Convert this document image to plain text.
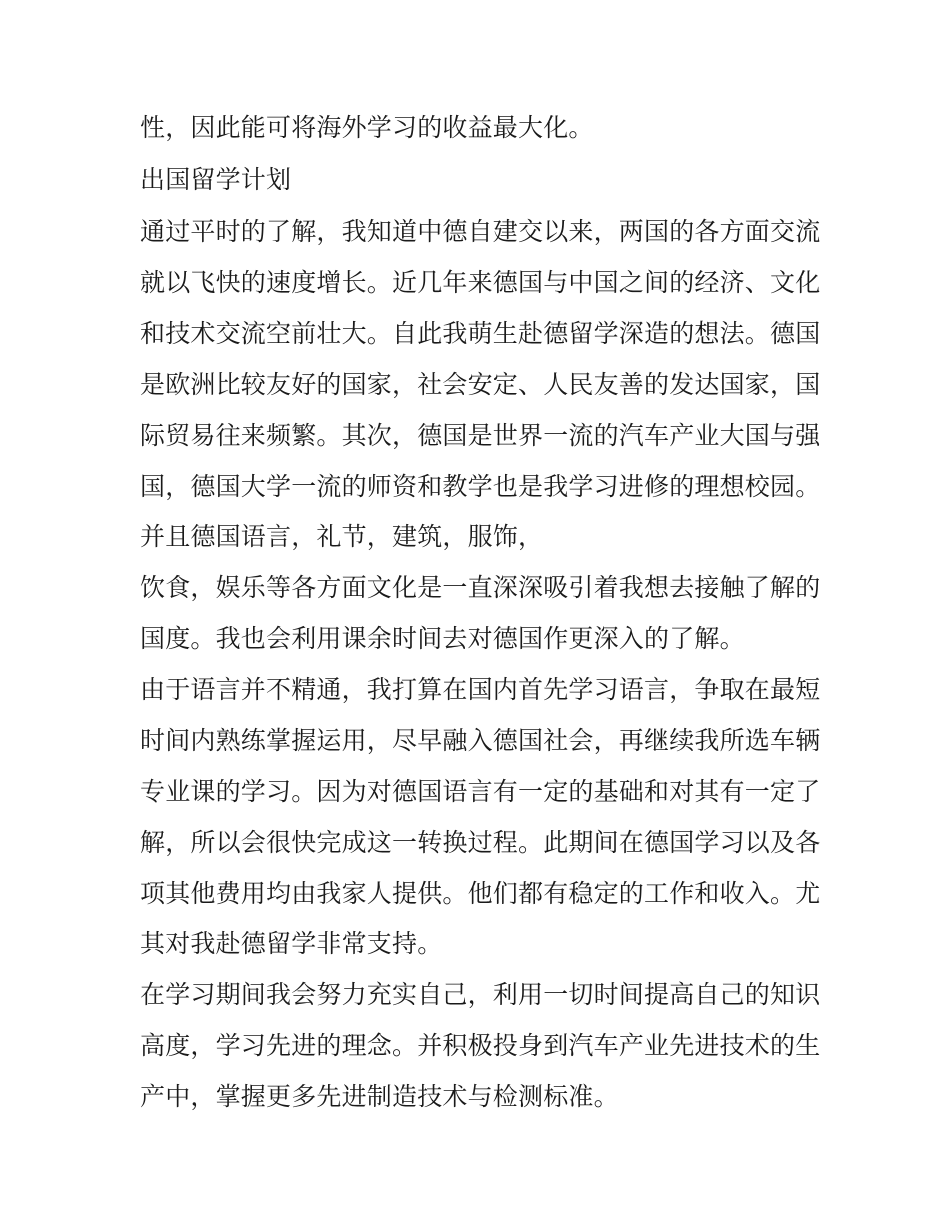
性，因此能可将海外学习的收益最大化。
出国留学计划
通过平时的了解，我知道中德自建交以来，两国的各方面交流
就以飞快的速度增长。近几年来德国与中国之间的经济、文化
和技术交流空前壮大。自此我萌生赴德留学深造的想法。德国
是欧洲比较友好的国家，社会安定、人民友善的发达国家，国
际贸易往来频繁。其次，德国是世界一流的汽车产业大国与强
国，德国大学一流的师资和教学也是我学习进修的理想校园。
并且德国语言，礼节，建筑，服饰，
饮食，娱乐等各方面文化是一直深深吸引着我想去接触了解的
国度。我也会利用课余时间去对德国作更深入的了解。
由于语言并不精通，我打算在国内首先学习语言，争取在最短
时间内熟练掌握运用，尽早融入德国社会，再继续我所选车辆
专业课的学习。因为对德国语言有一定的基础和对其有一定了
解，所以会很快完成这一转换过程。此期间在德国学习以及各
项其他费用均由我家人提供。他们都有稳定的工作和收入。尤
其对我赴德留学非常支持。
在学习期间我会努力充实自己，利用一切时间提高自己的知识
高度，学习先进的理念。并积极投身到汽车产业先进技术的生
产中，掌握更多先进制造技术与检测标准。
